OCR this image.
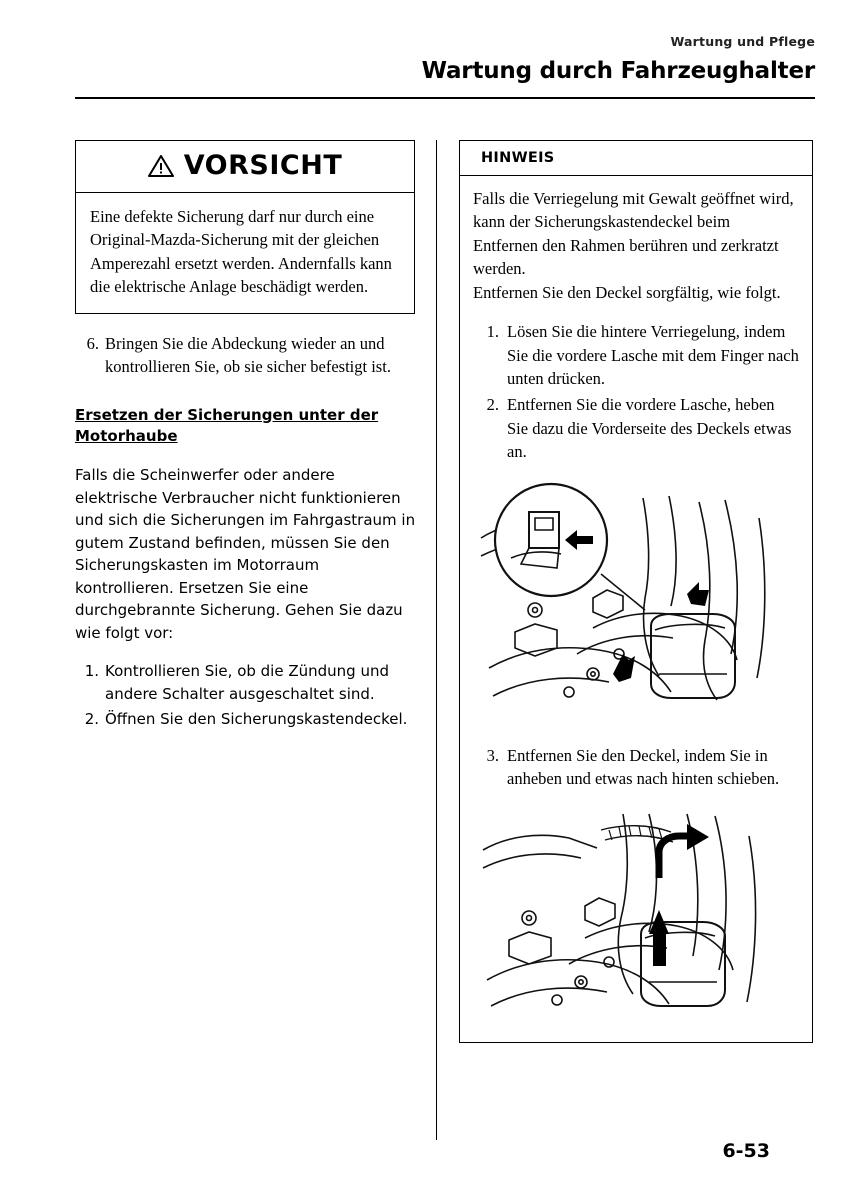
Wartung und Pflege
Wartung durch Fahrzeughalter
VORSICHT
Eine defekte Sicherung darf nur durch eine Original-Mazda-Sicherung mit der gleichen Amperezahl ersetzt werden. Andernfalls kann die elektrische Anlage beschädigt werden.
6. Bringen Sie die Abdeckung wieder an und kontrollieren Sie, ob sie sicher befestigt ist.
Ersetzen der Sicherungen unter der Motorhaube
Falls die Scheinwerfer oder andere elektrische Verbraucher nicht funktionieren und sich die Sicherungen im Fahrgastraum in gutem Zustand befinden, müssen Sie den Sicherungskasten im Motorraum kontrollieren. Ersetzen Sie eine durchgebrannte Sicherung. Gehen Sie dazu wie folgt vor:
1. Kontrollieren Sie, ob die Zündung und andere Schalter ausgeschaltet sind.
2. Öffnen Sie den Sicherungskastendeckel.
HINWEIS
Falls die Verriegelung mit Gewalt geöffnet wird, kann der Sicherungskastendeckel beim Entfernen den Rahmen berühren und zerkratzt werden.
Entfernen Sie den Deckel sorgfältig, wie folgt.
1. Lösen Sie die hintere Verriegelung, indem Sie die vordere Lasche mit dem Finger nach unten drücken.
2. Entfernen Sie die vordere Lasche, heben Sie dazu die Vorderseite des Deckels etwas an.
3. Entfernen Sie den Deckel, indem Sie in anheben und etwas nach hinten schieben.
6-53
